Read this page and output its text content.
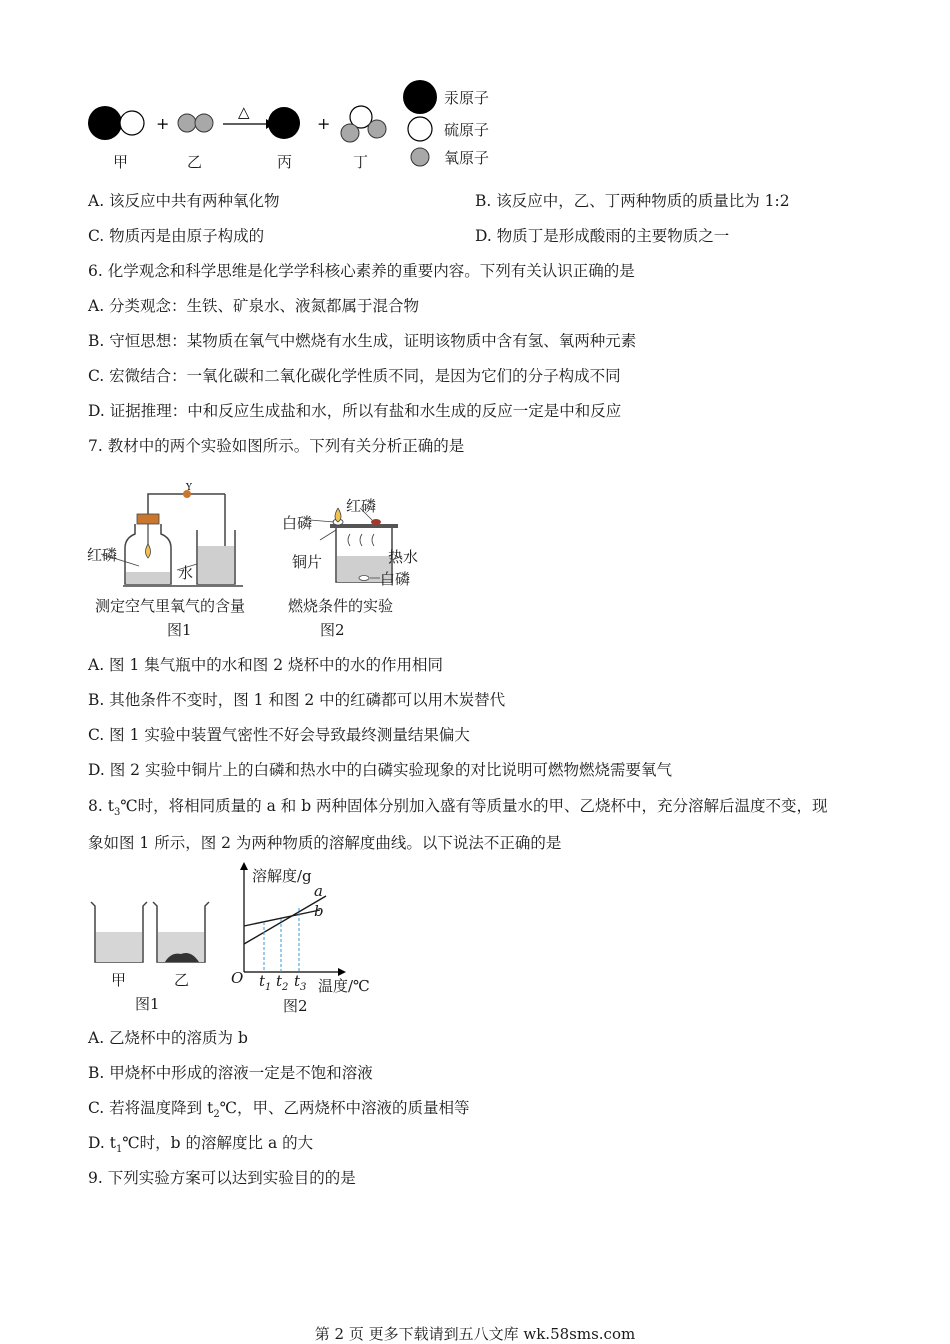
+
△
+
甲	乙	丙	丁
汞原子
硫原子
氧原子
A. 该反应中共有两种氧化物	B. 该反应中，乙、丁两种物质的质量比为 1:2
C. 物质丙是由原子构成的	D. 物质丁是形成酸雨的主要物质之一
6. 化学观念和科学思维是化学学科核心素养的重要内容。下列有关认识正确的是
A. 分类观念：生铁、矿泉水、液氮都属于混合物
B. 守恒思想：某物质在氧气中燃烧有水生成，证明该物质中含有氢、氧两种元素
C. 宏微结合：一氧化碳和二氧化碳化学性质不同，是因为它们的分子构成不同
D. 证据推理：中和反应生成盐和水，所以有盐和水生成的反应一定是中和反应
7. 教材中的两个实验如图所示。下列有关分析正确的是
Y
红磷
水
测定空气里氧气的含量
图1
红磷
白磷
铜片	热水
白磷
燃烧条件的实验
图2
A. 图 1 集气瓶中的水和图 2 烧杯中的水的作用相同
B. 其他条件不变时，图 1 和图 2 中的红磷都可以用木炭替代
C. 图 1 实验中装置气密性不好会导致最终测量结果偏大
D. 图 2 实验中铜片上的白磷和热水中的白磷实验现象的对比说明可燃物燃烧需要氧气
8. $t_3℃$时，将相同质量的 a 和 b 两种固体分别加入盛有等质量水的甲、乙烧杯中，充分溶解后温度不变，现
象如图 1 所示，图 2 为两种物质的溶解度曲线。以下说法不正确的是
甲	乙
图1
溶解度/g
a
b
O $t_1$ $t_2$ $t_3$ 温度/℃
图2
A. 乙烧杯中的溶质为 b
B. 甲烧杯中形成的溶液一定是不饱和溶液
C. 若将温度降到 $t_2℃$，甲、乙两烧杯中溶液的质量相等
D. $t_1℃$时，b 的溶解度比 a 的大
9. 下列实验方案可以达到实验目的的是
第 2 页 更多下载请到五八文库 wk.58sms.com
